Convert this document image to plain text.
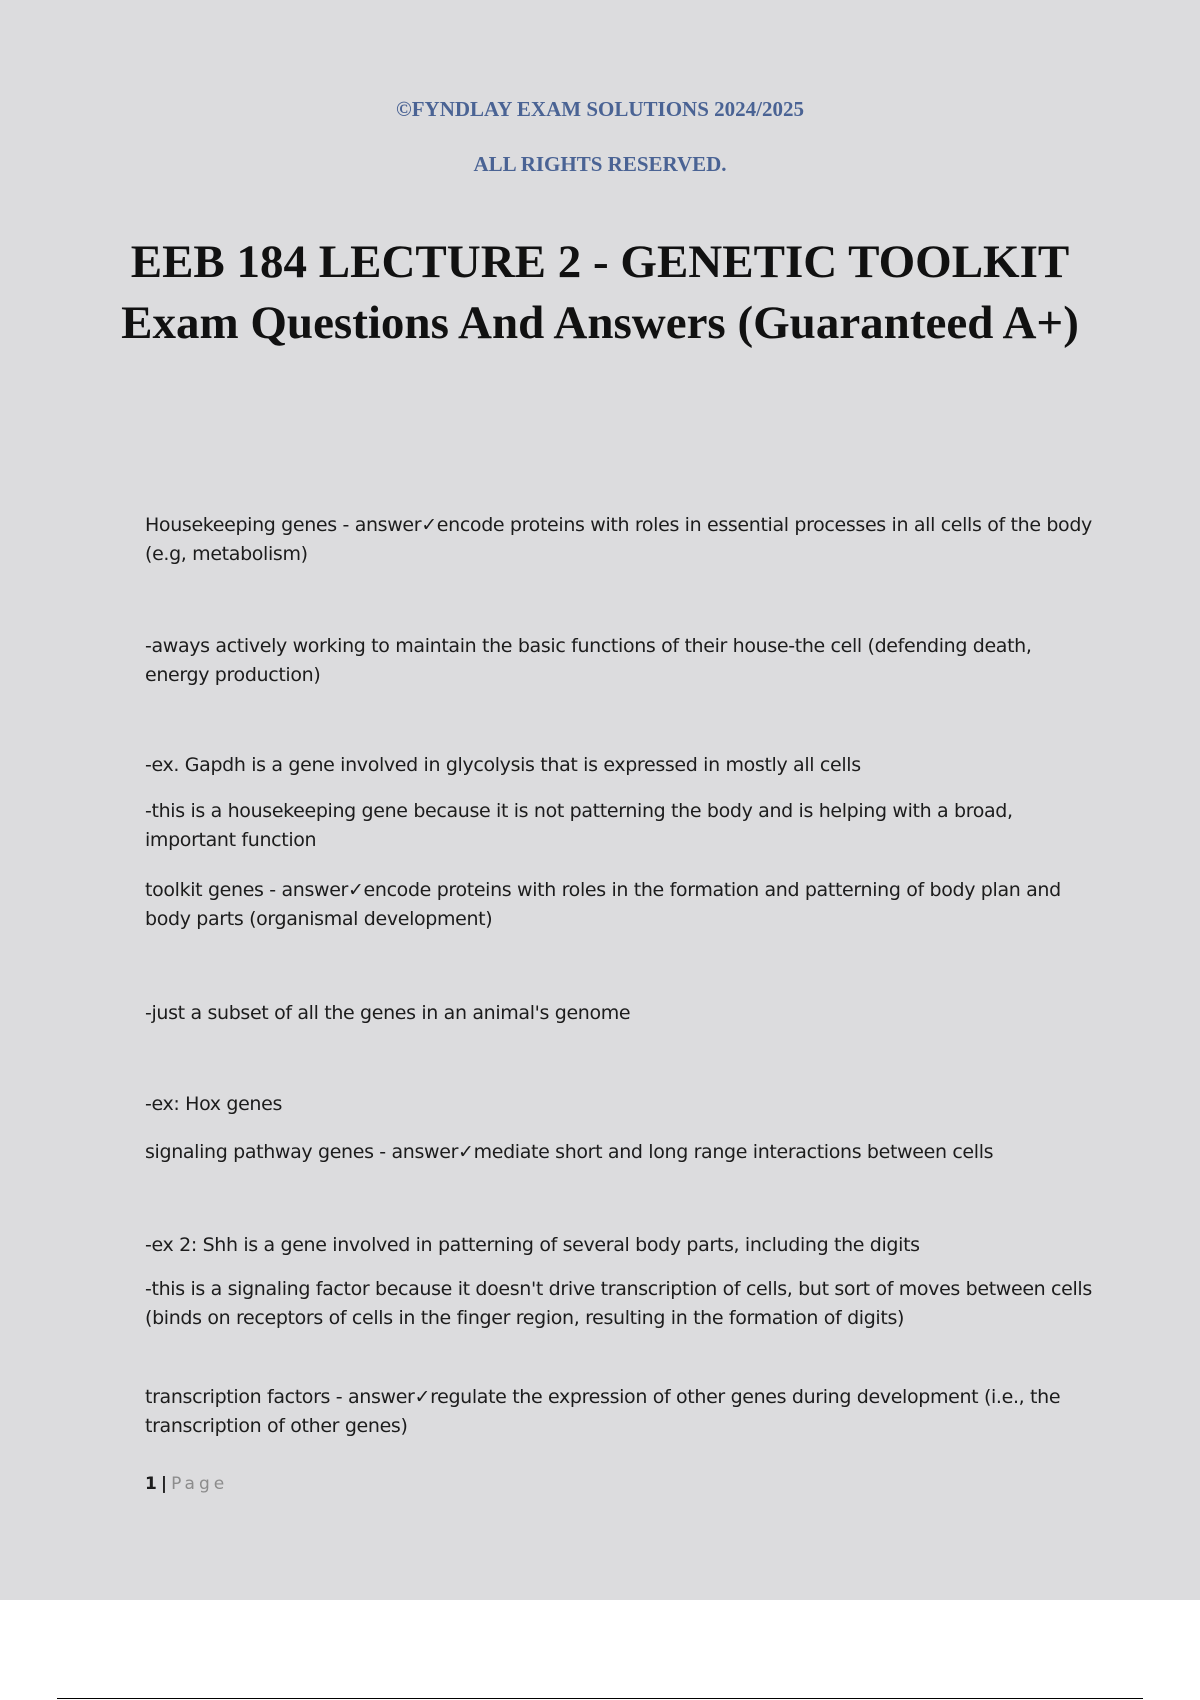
©FYNDLAY EXAM SOLUTIONS 2024/2025

ALL RIGHTS RESERVED.

EEB 184 LECTURE 2 - GENETIC TOOLKIT Exam Questions And Answers (Guaranteed A+)

Housekeeping genes - answer✓encode proteins with roles in essential processes in all cells of the body (e.g, metabolism)

-aways actively working to maintain the basic functions of their house-the cell (defending death, energy production)

-ex. Gapdh is a gene involved in glycolysis that is expressed in mostly all cells

-this is a housekeeping gene because it is not patterning the body and is helping with a broad, important function

toolkit genes - answer✓encode proteins with roles in the formation and patterning of body plan and body parts (organismal development)

-just a subset of all the genes in an animal's genome

-ex: Hox genes

signaling pathway genes - answer✓mediate short and long range interactions between cells

-ex 2: Shh is a gene involved in patterning of several body parts, including the digits

-this is a signaling factor because it doesn't drive transcription of cells, but sort of moves between cells (binds on receptors of cells in the finger region, resulting in the formation of digits)

transcription factors - answer✓regulate the expression of other genes during development (i.e., the transcription of other genes)

1 | Page
